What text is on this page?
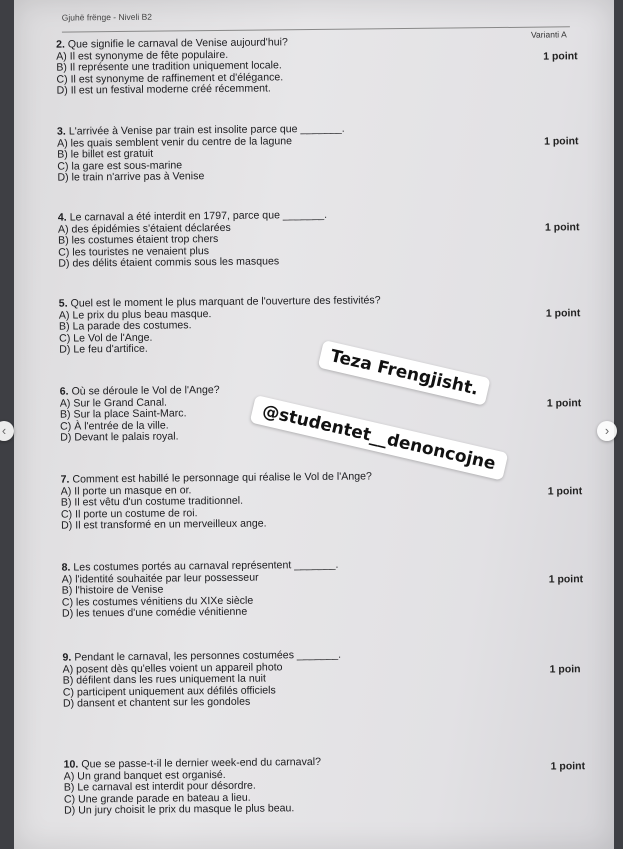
Gjuhë frënge - Niveli B2
Varianti A
2. Que signifie le carnaval de Venise aujourd'hui?
A) Il est synonyme de fête populaire.
B) Il représente une tradition uniquement locale.
C) Il est synonyme de raffinement et d'élégance.
D) Il est un festival moderne créé récemment.
1 point
3. L'arrivée à Venise par train est insolite parce que _______.
A) les quais semblent venir du centre de la lagune
B) le billet est gratuit
C) la gare est sous-marine
D) le train n'arrive pas à Venise
1 point
4. Le carnaval a été interdit en 1797, parce que _______.
A) des épidémies s'étaient déclarées
B) les costumes étaient trop chers
C) les touristes ne venaient plus
D) des délits étaient commis sous les masques
1 point
5. Quel est le moment le plus marquant de l'ouverture des festivités?
A) Le prix du plus beau masque.
B) La parade des costumes.
C) Le Vol de l'Ange.
D) Le feu d'artifice.
1 point
6. Où se déroule le Vol de l'Ange?
A) Sur le Grand Canal.
B) Sur la place Saint-Marc.
C) À l'entrée de la ville.
D) Devant le palais royal.
1 point
7. Comment est habillé le personnage qui réalise le Vol de l'Ange?
A) Il porte un masque en or.
B) Il est vêtu d'un costume traditionnel.
C) Il porte un costume de roi.
D) Il est transformé en un merveilleux ange.
1 point
8. Les costumes portés au carnaval représentent _______.
A) l'identité souhaitée par leur possesseur
B) l'histoire de Venise
C) les costumes vénitiens du XIXe siècle
D) les tenues d'une comédie vénitienne
1 point
9. Pendant le carnaval, les personnes costumées _______.
A) posent dès qu'elles voient un appareil photo
B) défilent dans les rues uniquement la nuit
C) participent uniquement aux défilés officiels
D) dansent et chantent sur les gondoles
1 poin
10. Que se passe-t-il le dernier week-end du carnaval?
A) Un grand banquet est organisé.
B) Le carnaval est interdit pour désordre.
C) Une grande parade en bateau a lieu.
D) Un jury choisit le prix du masque le plus beau.
1 point
Teza Frengjisht.
@studentet__denoncojne
‹	›
